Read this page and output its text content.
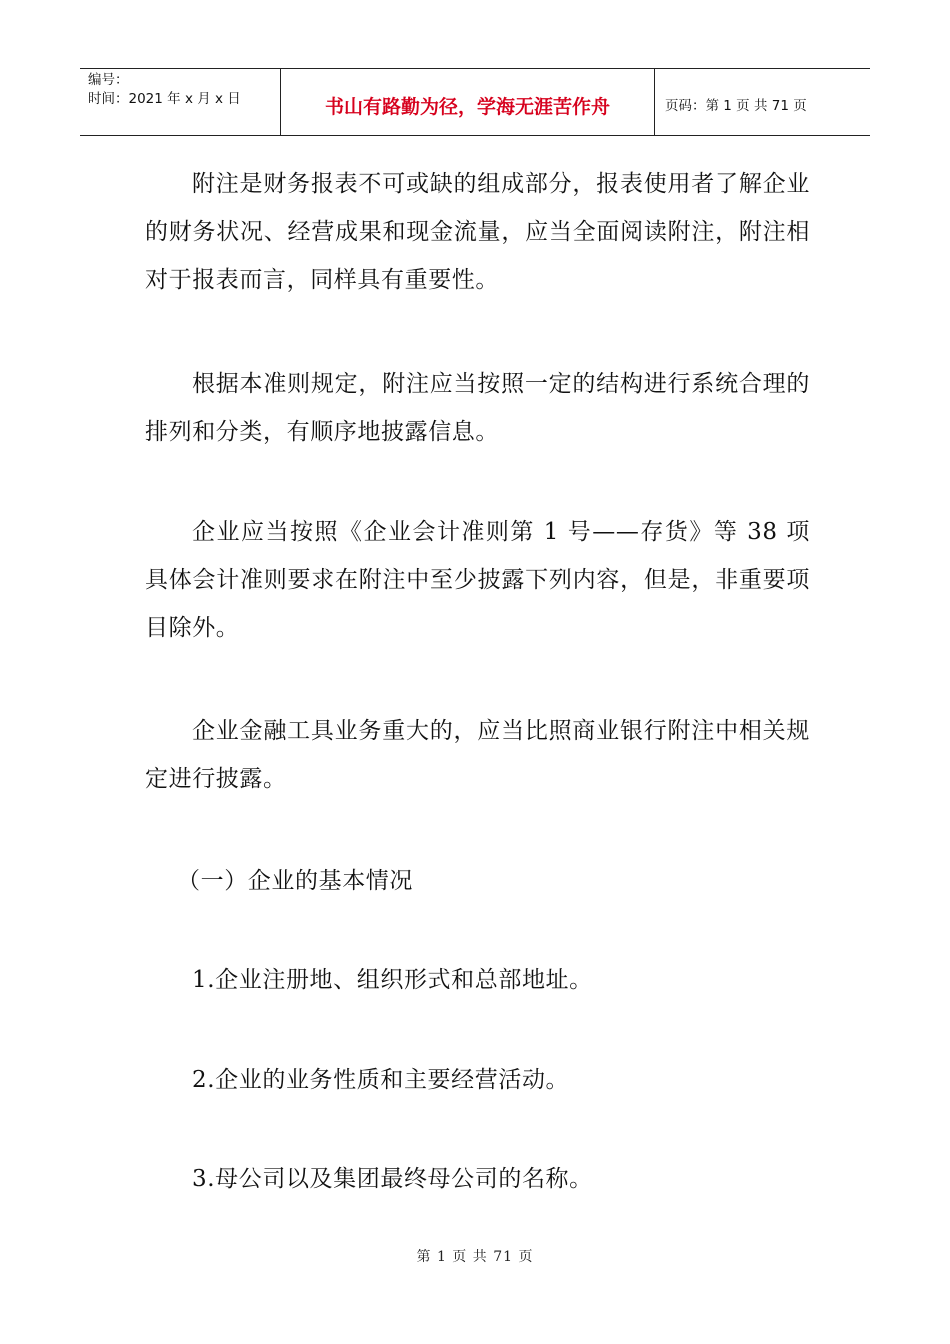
编号：
时间：2021 年 x 月 x 日	书山有路勤为径，学海无涯苦作舟	页码：第 1 页 共 71 页

附注是财务报表不可或缺的组成部分，报表使用者了解企业的财务状况、经营成果和现金流量，应当全面阅读附注，附注相对于报表而言，同样具有重要性。

根据本准则规定，附注应当按照一定的结构进行系统合理的排列和分类，有顺序地披露信息。

企业应当按照《企业会计准则第 1 号——存货》等 38 项具体会计准则要求在附注中至少披露下列内容，但是，非重要项目除外。

企业金融工具业务重大的，应当比照商业银行附注中相关规定进行披露。

（一）企业的基本情况

1.企业注册地、组织形式和总部地址。

2.企业的业务性质和主要经营活动。

3.母公司以及集团最终母公司的名称。

第 1 页 共 71 页
